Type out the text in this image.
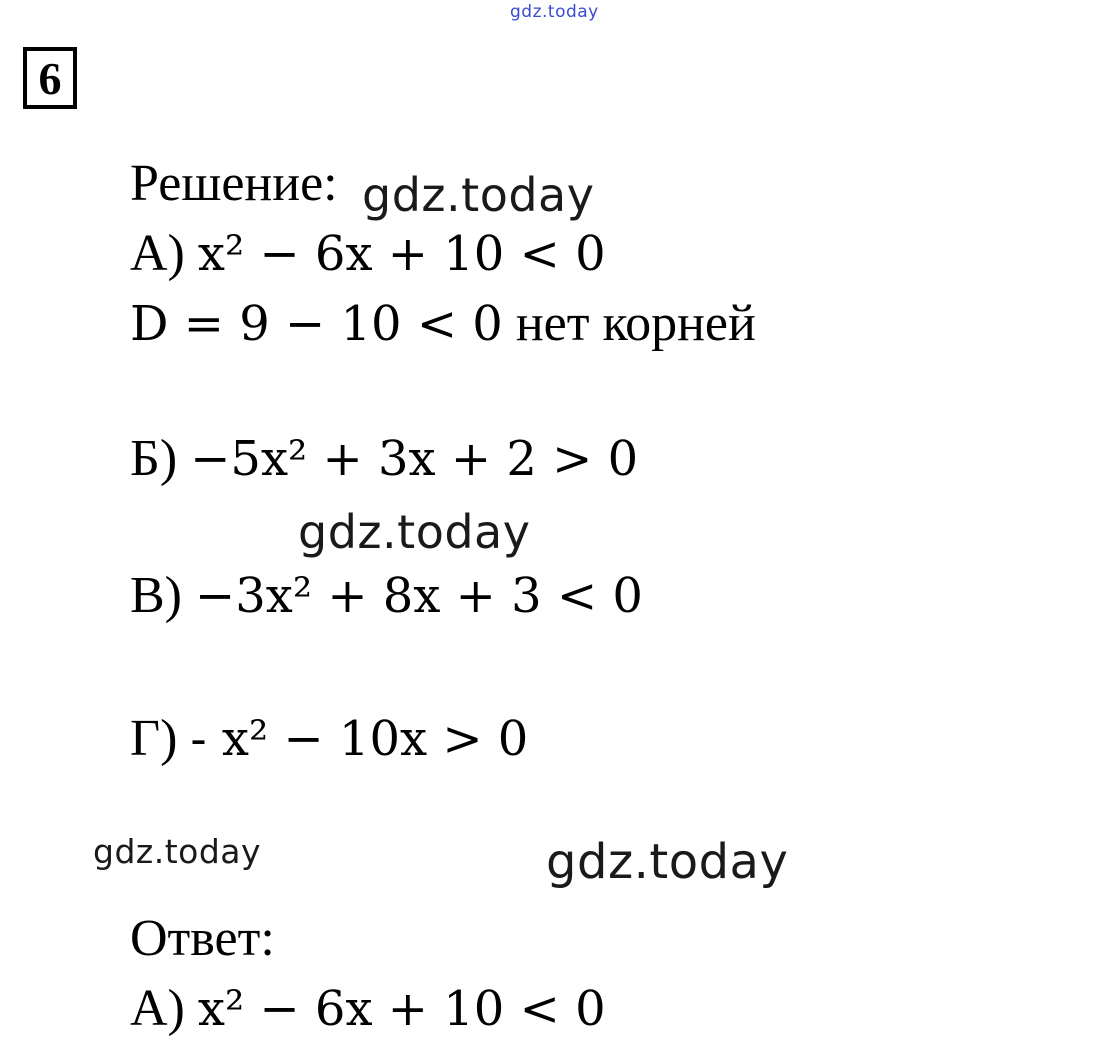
gdz.today
6
Решение: gdz.today
А) x² − 6x + 10 < 0
D = 9 − 10 < 0 нет корней
Б) −5x² + 3x + 2 > 0
gdz.today
В) −3x² + 8x + 3 < 0
Г) - x² − 10x > 0
gdz.today	gdz.today
Ответ:
А) x² − 6x + 10 < 0
